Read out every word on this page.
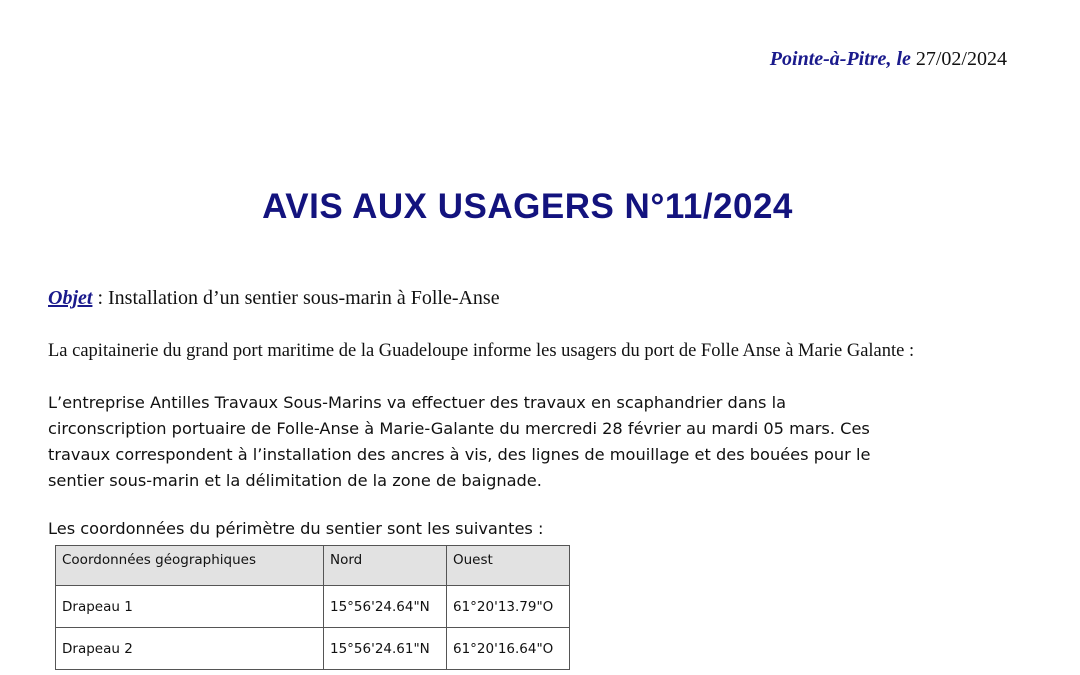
Pointe-à-Pitre, le 27/02/2024
AVIS AUX USAGERS N°11/2024
Objet : Installation d’un sentier sous-marin à Folle-Anse
La capitainerie du grand port maritime de la Guadeloupe informe les usagers du port de Folle Anse à Marie Galante :
L’entreprise Antilles Travaux Sous-Marins va effectuer des travaux en scaphandrier dans la
circonscription portuaire de Folle-Anse à Marie-Galante du mercredi 28 février au mardi 05 mars. Ces
travaux correspondent à l’installation des ancres à vis, des lignes de mouillage et des bouées pour le
sentier sous-marin et la délimitation de la zone de baignade.
Les coordonnées du périmètre du sentier sont les suivantes :
Coordonnées géographiques	Nord	Ouest
Drapeau 1	15°56'24.64"N	61°20'13.79"O
Drapeau 2	15°56'24.61"N	61°20'16.64"O
